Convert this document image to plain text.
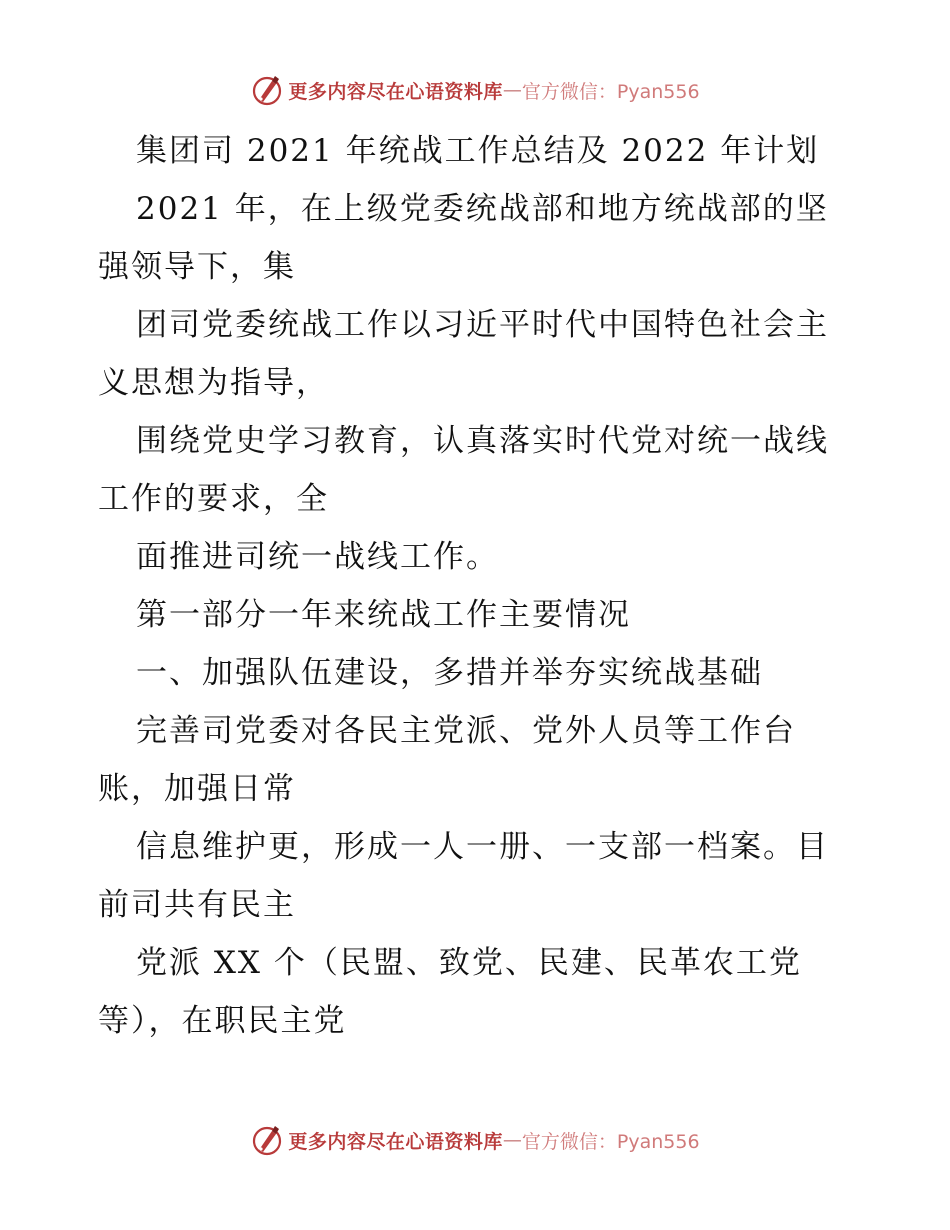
更多内容尽在心语资料库 — 官方微信：Pyan556
集团司 2021 年统战工作总结及 2022 年计划
2021 年，在上级党委统战部和地方统战部的坚
强领导下，集
团司党委统战工作以习近平时代中国特色社会主
义思想为指导，
围绕党史学习教育，认真落实时代党对统一战线
工作的要求，全
面推进司统一战线工作。
第一部分一年来统战工作主要情况
一、加强队伍建设，多措并举夯实统战基础
完善司党委对各民主党派、党外人员等工作台
账，加强日常
信息维护更，形成一人一册、一支部一档案。目
前司共有民主
党派 XX 个（民盟、致党、民建、民革农工党
等），在职民主党
更多内容尽在心语资料库 — 官方微信：Pyan556
